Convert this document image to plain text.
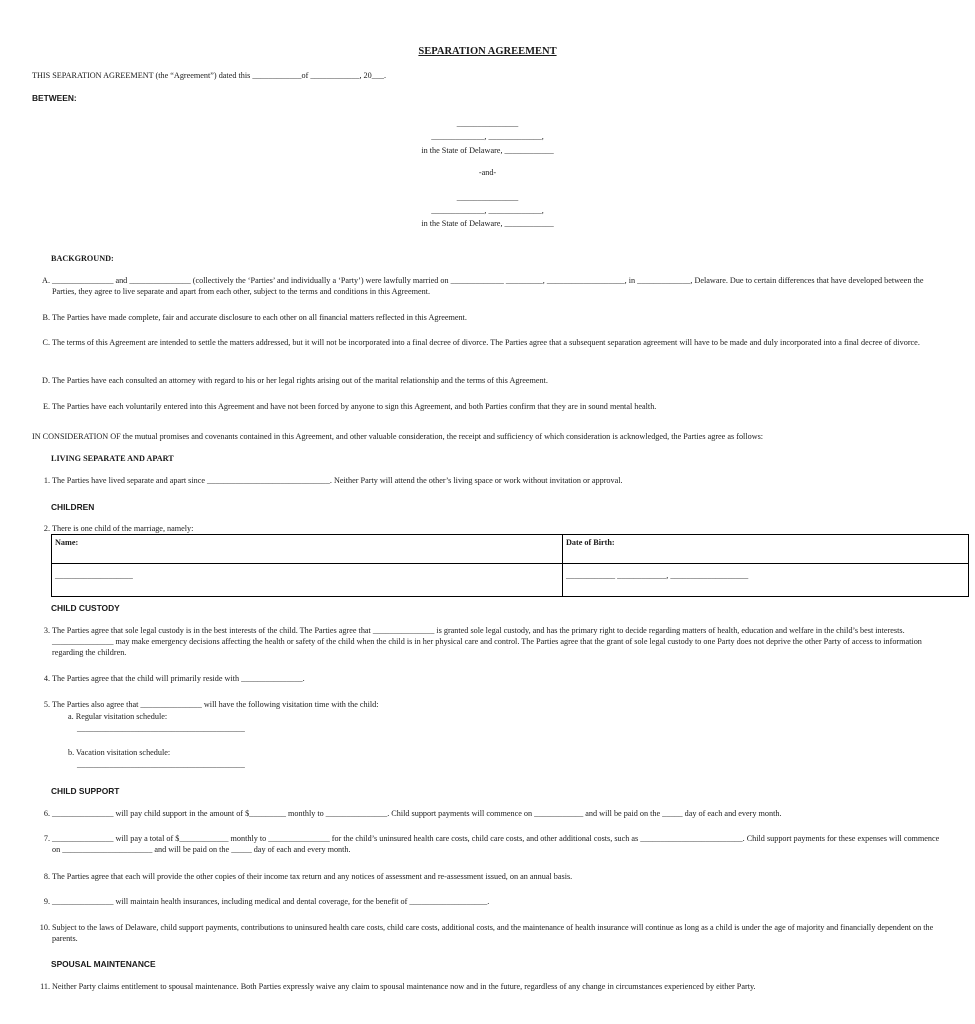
SEPARATION AGREEMENT
THIS SEPARATION AGREEMENT (the “Agreement”) dated this ____________of ____________, 20___.
BETWEEN:
_______________
_____________, _____________,
in the State of Delaware, ____________
-and-
_______________
_____________, _____________,
in the State of Delaware, ____________
BACKGROUND:
A. _______________ and _______________ (collectively the ‘Parties’ and individually a ‘Party’) were lawfully married on _____________ _________, ___________________, in _____________, Delaware. Due to certain differences that have developed between the Parties, they agree to live separate and apart from each other, subject to the terms and conditions in this Agreement.
B. The Parties have made complete, fair and accurate disclosure to each other on all financial matters reflected in this Agreement.
C. The terms of this Agreement are intended to settle the matters addressed, but it will not be incorporated into a final decree of divorce. The Parties agree that a subsequent separation agreement will have to be made and duly incorporated into a final decree of divorce.
D. The Parties have each consulted an attorney with regard to his or her legal rights arising out of the marital relationship and the terms of this Agreement.
E. The Parties have each voluntarily entered into this Agreement and have not been forced by anyone to sign this Agreement, and both Parties confirm that they are in sound mental health.
IN CONSIDERATION OF the mutual promises and covenants contained in this Agreement, and other valuable consideration, the receipt and sufficiency of which consideration is acknowledged, the Parties agree as follows:
LIVING SEPARATE AND APART
1. The Parties have lived separate and apart since ______________________________. Neither Party will attend the other’s living space or work without invitation or approval.
CHILDREN
2. There is one child of the marriage, namely:
Name:	Date of Birth:
___________________	____________ ____________, ___________________
CHILD CUSTODY
3. The Parties agree that sole legal custody is in the best interests of the child. The Parties agree that _______________ is granted sole legal custody, and has the primary right to decide regarding matters of health, education and welfare in the child’s best interests. _______________ may make emergency decisions affecting the health or safety of the child when the child is in her physical care and control. The Parties agree that the grant of sole legal custody to one Party does not deprive the other Party of access to information regarding the children.
4. The Parties agree that the child will primarily reside with _______________.
5. The Parties also agree that _______________ will have the following visitation time with the child:
a. Regular visitation schedule:
_________________________________________
b. Vacation visitation schedule:
_________________________________________
CHILD SUPPORT
6. _______________ will pay child support in the amount of $_________ monthly to _______________. Child support payments will commence on ____________ and will be paid on the _____ day of each and every month.
7. _______________ will pay a total of $____________ monthly to _______________ for the child’s uninsured health care costs, child care costs, and other additional costs, such as _________________________. Child support payments for these expenses will commence on ______________________ and will be paid on the _____ day of each and every month.
8. The Parties agree that each will provide the other copies of their income tax return and any notices of assessment and re-assessment issued, on an annual basis.
9. _______________ will maintain health insurances, including medical and dental coverage, for the benefit of ___________________.
10. Subject to the laws of Delaware, child support payments, contributions to uninsured health care costs, child care costs, additional costs, and the maintenance of health insurance will continue as long as a child is under the age of majority and financially dependent on the parents.
SPOUSAL MAINTENANCE
11. Neither Party claims entitlement to spousal maintenance. Both Parties expressly waive any claim to spousal maintenance now and in the future, regardless of any change in circumstances experienced by either Party.
